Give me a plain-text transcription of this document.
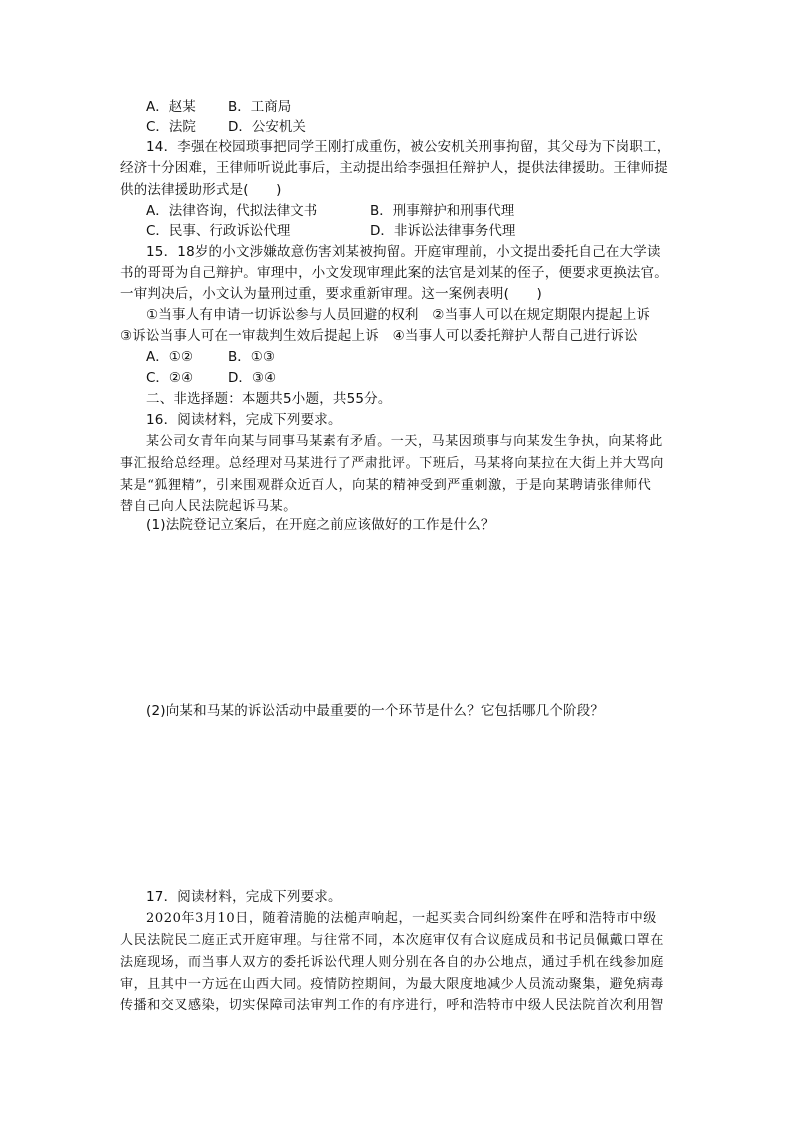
A．赵某 B．工商局
C．法院 D．公安机关
14．李强在校园琐事把同学王刚打成重伤，被公安机关刑事拘留，其父母为下岗职工，
经济十分困难，王律师听说此事后，主动提出给李强担任辩护人，提供法律援助。王律师提
供的法律援助形式是(　　)
A．法律咨询，代拟法律文书	B．刑事辩护和刑事代理
C．民事、行政诉讼代理	D．非诉讼法律事务代理
15．18岁的小文涉嫌故意伤害刘某被拘留。开庭审理前，小文提出委托自己在大学读
书的哥哥为自己辩护。审理中，小文发现审理此案的法官是刘某的侄子，便要求更换法官。
一审判决后，小文认为量刑过重，要求重新审理。这一案例表明(　　)
①当事人有申请一切诉讼参与人员回避的权利　②当事人可以在规定期限内提起上诉
③诉讼当事人可在一审裁判生效后提起上诉　④当事人可以委托辩护人帮自己进行诉讼
A．①②	B．①③
C．②④	D．③④
二、非选择题：本题共5小题，共55分。
16．阅读材料，完成下列要求。
某公司女青年向某与同事马某素有矛盾。一天，马某因琐事与向某发生争执，向某将此
事汇报给总经理。总经理对马某进行了严肃批评。下班后，马某将向某拉在大街上并大骂向
某是“狐狸精”，引来围观群众近百人，向某的精神受到严重刺激，于是向某聘请张律师代
替自己向人民法院起诉马某。
(1)法院登记立案后，在开庭之前应该做好的工作是什么？
(2)向某和马某的诉讼活动中最重要的一个环节是什么？它包括哪几个阶段？
17．阅读材料，完成下列要求。
2020年3月10日，随着清脆的法槌声响起，一起买卖合同纠纷案件在呼和浩特市中级
人民法院民二庭正式开庭审理。与往常不同，本次庭审仅有合议庭成员和书记员佩戴口罩在
法庭现场，而当事人双方的委托诉讼代理人则分别在各自的办公地点，通过手机在线参加庭
审，且其中一方远在山西大同。疫情防控期间，为最大限度地减少人员流动聚集，避免病毒
传播和交叉感染，切实保障司法审判工作的有序进行，呼和浩特市中级人民法院首次利用智
